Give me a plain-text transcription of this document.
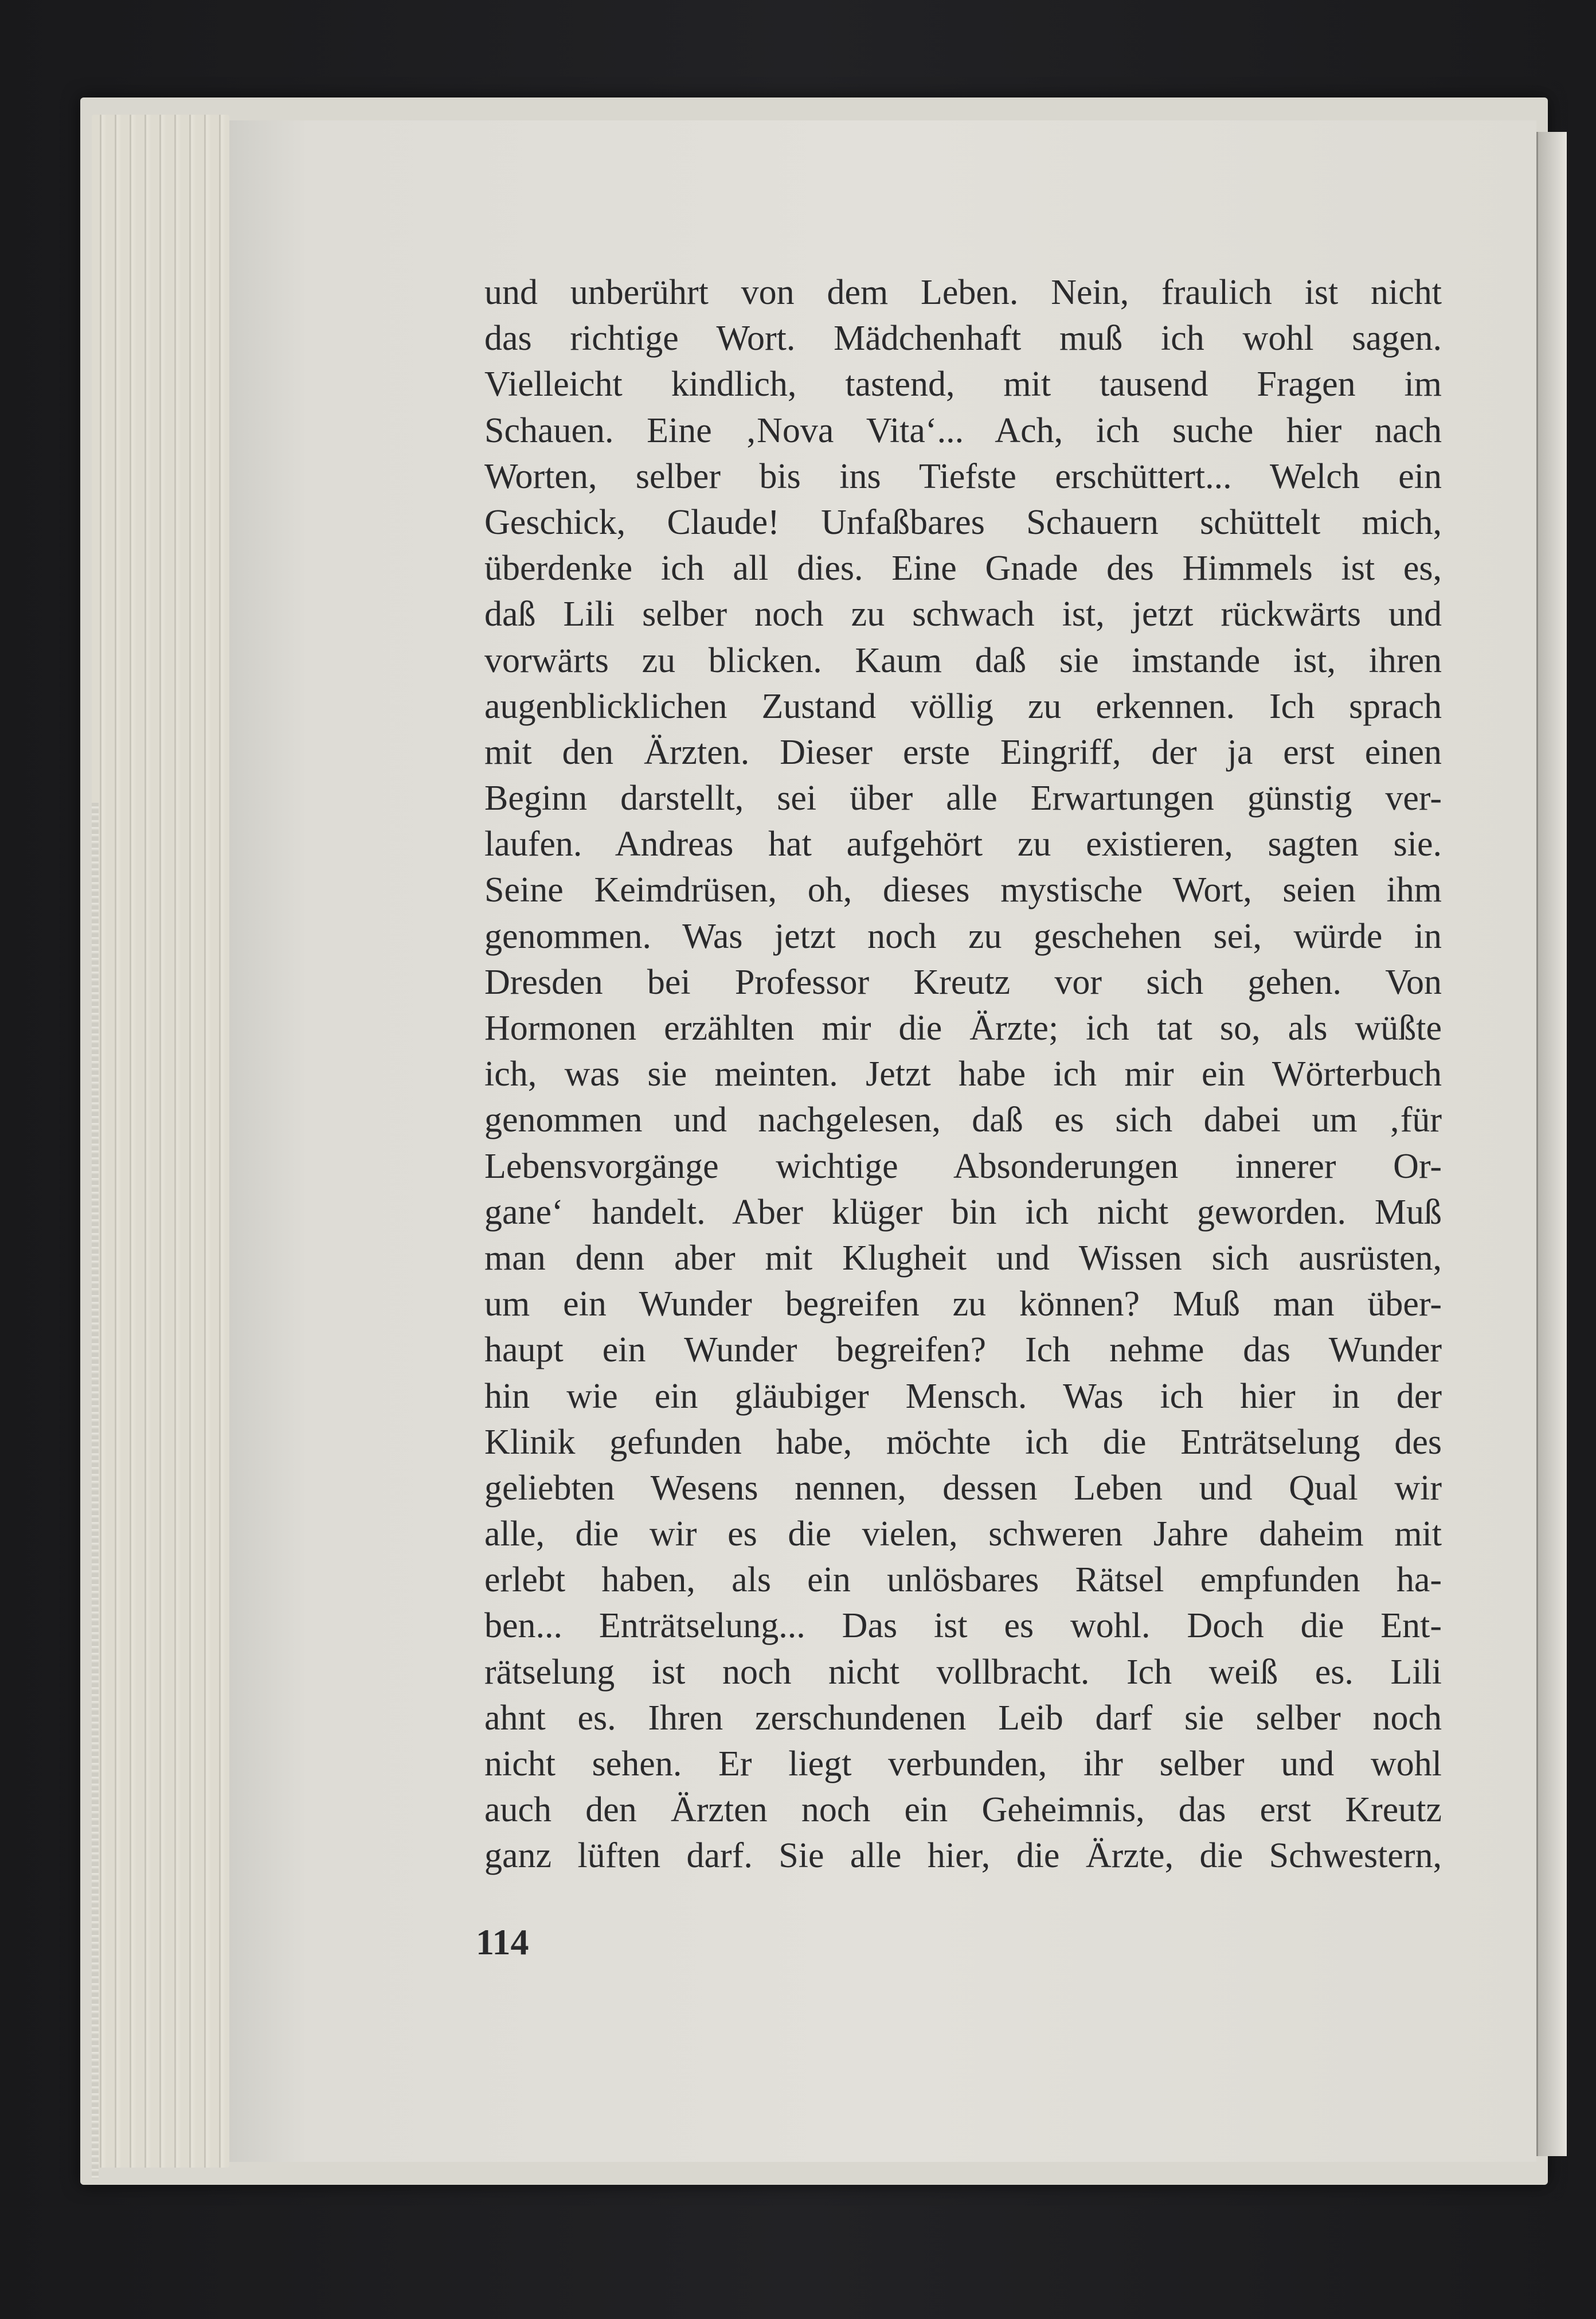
und unberührt von dem Leben. Nein, fraulich ist nicht
das richtige Wort. Mädchenhaft muß ich wohl sagen.
Vielleicht kindlich, tastend, mit tausend Fragen im
Schauen. Eine ‚Nova Vita‘... Ach, ich suche hier nach
Worten, selber bis ins Tiefste erschüttert... Welch ein
Geschick, Claude! Unfaßbares Schauern schüttelt mich,
überdenke ich all dies. Eine Gnade des Himmels ist es,
daß Lili selber noch zu schwach ist, jetzt rückwärts und
vorwärts zu blicken. Kaum daß sie imstande ist, ihren
augenblicklichen Zustand völlig zu erkennen. Ich sprach
mit den Ärzten. Dieser erste Eingriff, der ja erst einen
Beginn darstellt, sei über alle Erwartungen günstig ver-
laufen. Andreas hat aufgehört zu existieren, sagten sie.
Seine Keimdrüsen, oh, dieses mystische Wort, seien ihm
genommen. Was jetzt noch zu geschehen sei, würde in
Dresden bei Professor Kreutz vor sich gehen. Von
Hormonen erzählten mir die Ärzte; ich tat so, als wüßte
ich, was sie meinten. Jetzt habe ich mir ein Wörterbuch
genommen und nachgelesen, daß es sich dabei um ‚für
Lebensvorgänge wichtige Absonderungen innerer Or-
gane‘ handelt. Aber klüger bin ich nicht geworden. Muß
man denn aber mit Klugheit und Wissen sich ausrüsten,
um ein Wunder begreifen zu können? Muß man über-
haupt ein Wunder begreifen? Ich nehme das Wunder
hin wie ein gläubiger Mensch. Was ich hier in der
Klinik gefunden habe, möchte ich die Enträtselung des
geliebten Wesens nennen, dessen Leben und Qual wir
alle, die wir es die vielen, schweren Jahre daheim mit
erlebt haben, als ein unlösbares Rätsel empfunden ha-
ben... Enträtselung... Das ist es wohl. Doch die Ent-
rätselung ist noch nicht vollbracht. Ich weiß es. Lili
ahnt es. Ihren zerschundenen Leib darf sie selber noch
nicht sehen. Er liegt verbunden, ihr selber und wohl
auch den Ärzten noch ein Geheimnis, das erst Kreutz
ganz lüften darf. Sie alle hier, die Ärzte, die Schwestern,
114
